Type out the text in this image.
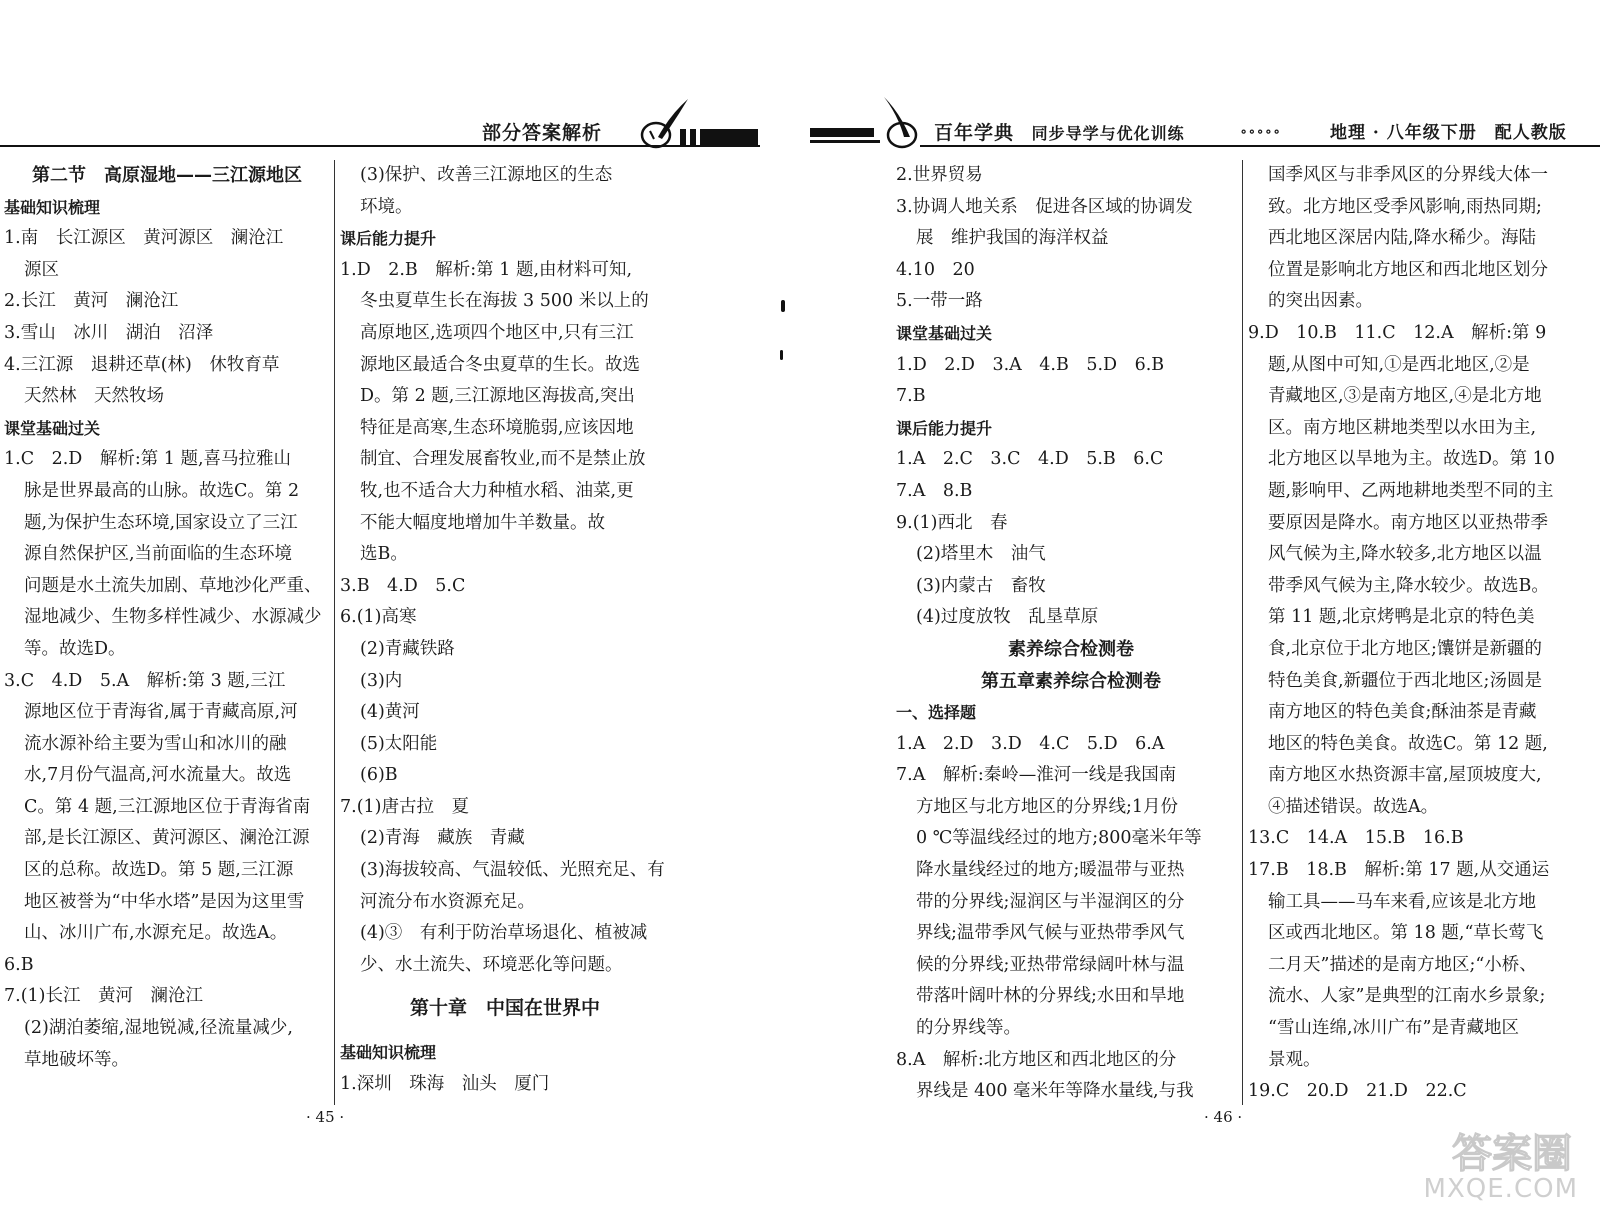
部分答案解析
第二节　高原湿地——三江源地区
基础知识梳理
1.南　长江源区　黄河源区　澜沧江
源区
2.长江　黄河　澜沧江
3.雪山　冰川　湖泊　沼泽
4.三江源　退耕还草(林)　休牧育草
天然林　天然牧场
课堂基础过关
1.C　2.D　解析:第 1 题,喜马拉雅山
脉是世界最高的山脉。故选C。第 2
题,为保护生态环境,国家设立了三江
源自然保护区,当前面临的生态环境
问题是水土流失加剧、草地沙化严重、
湿地减少、生物多样性减少、水源减少
等。故选D。
3.C　4.D　5.A　解析:第 3 题,三江
源地区位于青海省,属于青藏高原,河
流水源补给主要为雪山和冰川的融
水,7月份气温高,河水流量大。故选
C。第 4 题,三江源地区位于青海省南
部,是长江源区、黄河源区、澜沧江源
区的总称。故选D。第 5 题,三江源
地区被誉为“中华水塔”是因为这里雪
山、冰川广布,水源充足。故选A。
6.B
7.(1)长江　黄河　澜沧江
(2)湖泊萎缩,湿地锐减,径流量减少,
草地破坏等。
(3)保护、改善三江源地区的生态
环境。
课后能力提升
1.D　2.B　解析:第 1 题,由材料可知,
冬虫夏草生长在海拔 3 500 米以上的
高原地区,选项四个地区中,只有三江
源地区最适合冬虫夏草的生长。故选
D。第 2 题,三江源地区海拔高,突出
特征是高寒,生态环境脆弱,应该因地
制宜、合理发展畜牧业,而不是禁止放
牧,也不适合大力种植水稻、油菜,更
不能大幅度地增加牛羊数量。故
选B。
3.B　4.D　5.C
6.(1)高寒
(2)青藏铁路
(3)内
(4)黄河
(5)太阳能
(6)B
7.(1)唐古拉　夏
(2)青海　藏族　青藏
(3)海拔较高、气温较低、光照充足、有
河流分布水资源充足。
(4)③　有利于防治草场退化、植被减
少、水土流失、环境恶化等问题。
第十章　中国在世界中
基础知识梳理
1.深圳　珠海　汕头　厦门
· 45 ·
百年学典 同步导学与优化训练	∘∘∘∘∘	地理 · 八年级下册　配人教版
2.世界贸易
3.协调人地关系　促进各区域的协调发
展　维护我国的海洋权益
4.10　20
5.一带一路
课堂基础过关
1.D　2.D　3.A　4.B　5.D　6.B
7.B
课后能力提升
1.A　2.C　3.C　4.D　5.B　6.C
7.A　8.B
9.(1)西北　春
(2)塔里木　油气
(3)内蒙古　畜牧
(4)过度放牧　乱垦草原
素养综合检测卷
第五章素养综合检测卷
一、选择题
1.A　2.D　3.D　4.C　5.D　6.A
7.A　解析:秦岭—淮河一线是我国南
方地区与北方地区的分界线;1月份
0 ℃等温线经过的地方;800毫米年等
降水量线经过的地方;暖温带与亚热
带的分界线;湿润区与半湿润区的分
界线;温带季风气候与亚热带季风气
候的分界线;亚热带常绿阔叶林与温
带落叶阔叶林的分界线;水田和旱地
的分界线等。
8.A　解析:北方地区和西北地区的分
界线是 400 毫米年等降水量线,与我
国季风区与非季风区的分界线大体一
致。北方地区受季风影响,雨热同期;
西北地区深居内陆,降水稀少。海陆
位置是影响北方地区和西北地区划分
的突出因素。
9.D　10.B　11.C　12.A　解析:第 9
题,从图中可知,①是西北地区,②是
青藏地区,③是南方地区,④是北方地
区。南方地区耕地类型以水田为主,
北方地区以旱地为主。故选D。第 10
题,影响甲、乙两地耕地类型不同的主
要原因是降水。南方地区以亚热带季
风气候为主,降水较多,北方地区以温
带季风气候为主,降水较少。故选B。
第 11 题,北京烤鸭是北京的特色美
食,北京位于北方地区;馕饼是新疆的
特色美食,新疆位于西北地区;汤圆是
南方地区的特色美食;酥油茶是青藏
地区的特色美食。故选C。第 12 题,
南方地区水热资源丰富,屋顶坡度大,
④描述错误。故选A。
13.C　14.A　15.B　16.B
17.B　18.B　解析:第 17 题,从交通运
输工具——马车来看,应该是北方地
区或西北地区。第 18 题,“草长莺飞
二月天”描述的是南方地区;“小桥、
流水、人家”是典型的江南水乡景象;
“雪山连绵,冰川广布”是青藏地区
景观。
19.C　20.D　21.D　22.C
· 46 ·
答案圈
MXQE.COM
